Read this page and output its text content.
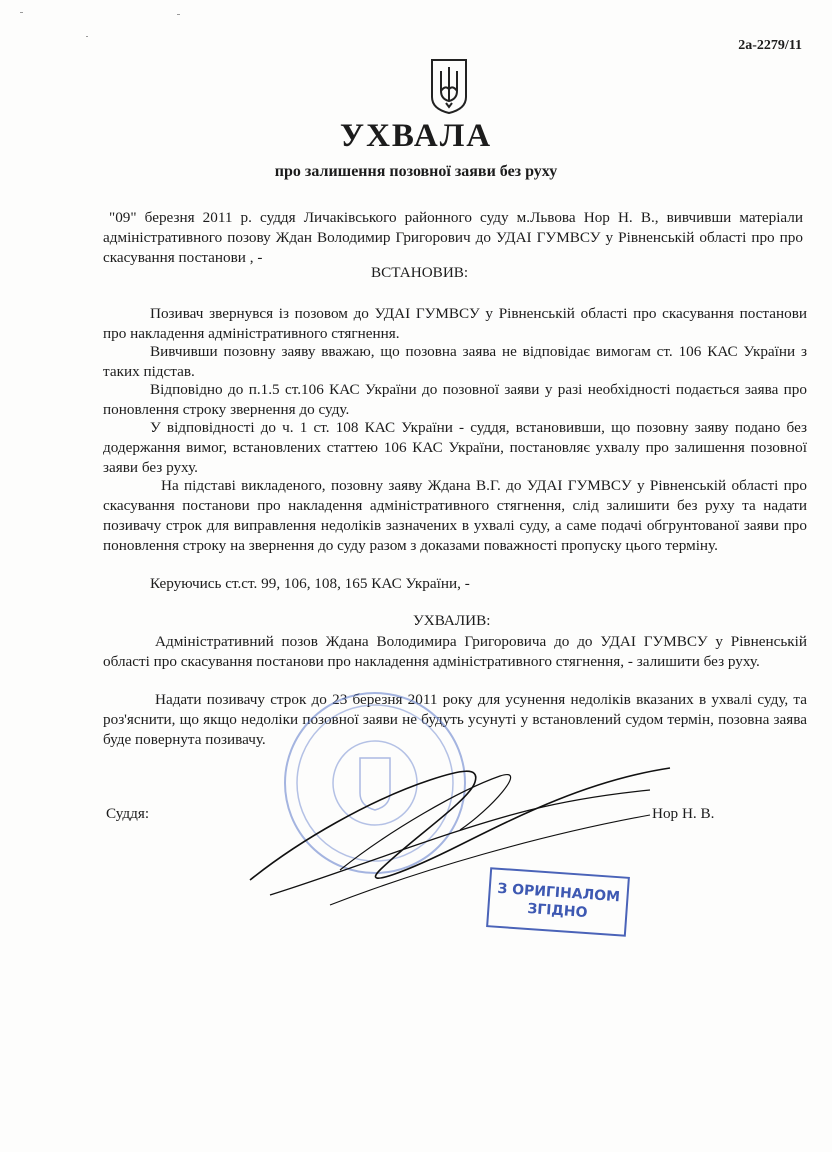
2а-2279/11
УХВАЛА
про залишення позовної заяви без руху
"09" березня 2011 р. суддя Личаківського районного суду м.Львова Нор Н. В., вивчивши матеріали адміністративного позову Ждан Володимир Григорович до УДАІ ГУМВСУ у Рівненській області про про скасування постанови , -
ВСТАНОВИВ:
Позивач звернувся із позовом до УДАІ ГУМВСУ у Рівненській області про скасування постанови про накладення адміністративного стягнення.
Вивчивши позовну заяву вважаю, що позовна заява не відповідає вимогам ст. 106 КАС України з таких підстав.
Відповідно до п.1.5 ст.106 КАС України до позовної заяви у разі необхідності подається заява про поновлення строку звернення до суду.
У відповідності до ч. 1 ст. 108 КАС України - суддя, встановивши, що позовну заяву подано без додержання вимог, встановлених статтею 106 КАС України, постановляє ухвалу про залишення позовної заяви без руху.
На підставі викладеного, позовну заяву Ждана В.Г. до УДАІ ГУМВСУ у Рівненській області про скасування постанови про накладення адміністративного стягнення, слід залишити без руху та надати позивачу строк для виправлення недоліків зазначених в ухвалі суду, а саме подачі обгрунтованої заяви про поновлення строку на звернення до суду разом з доказами поважності пропуску цього терміну.
Керуючись ст.ст. 99, 106, 108, 165 КАС України, -
УХВАЛИВ:
Адміністративний позов Ждана Володимира Григоровича до до УДАІ ГУМВСУ у Рівненській області про скасування постанови про накладення адміністративного стягнення, - залишити без руху.
Надати позивачу строк до 23 березня 2011 року для усунення недоліків вказаних в ухвалі суду, та роз'яснити, що якщо недоліки позовної заяви не будуть усунуті у встановлений судом термін, позовна заява буде повернута позивачу.
Суддя:	Нор Н. В.
З ОРИГІНАЛОМ
ЗГІДНО
